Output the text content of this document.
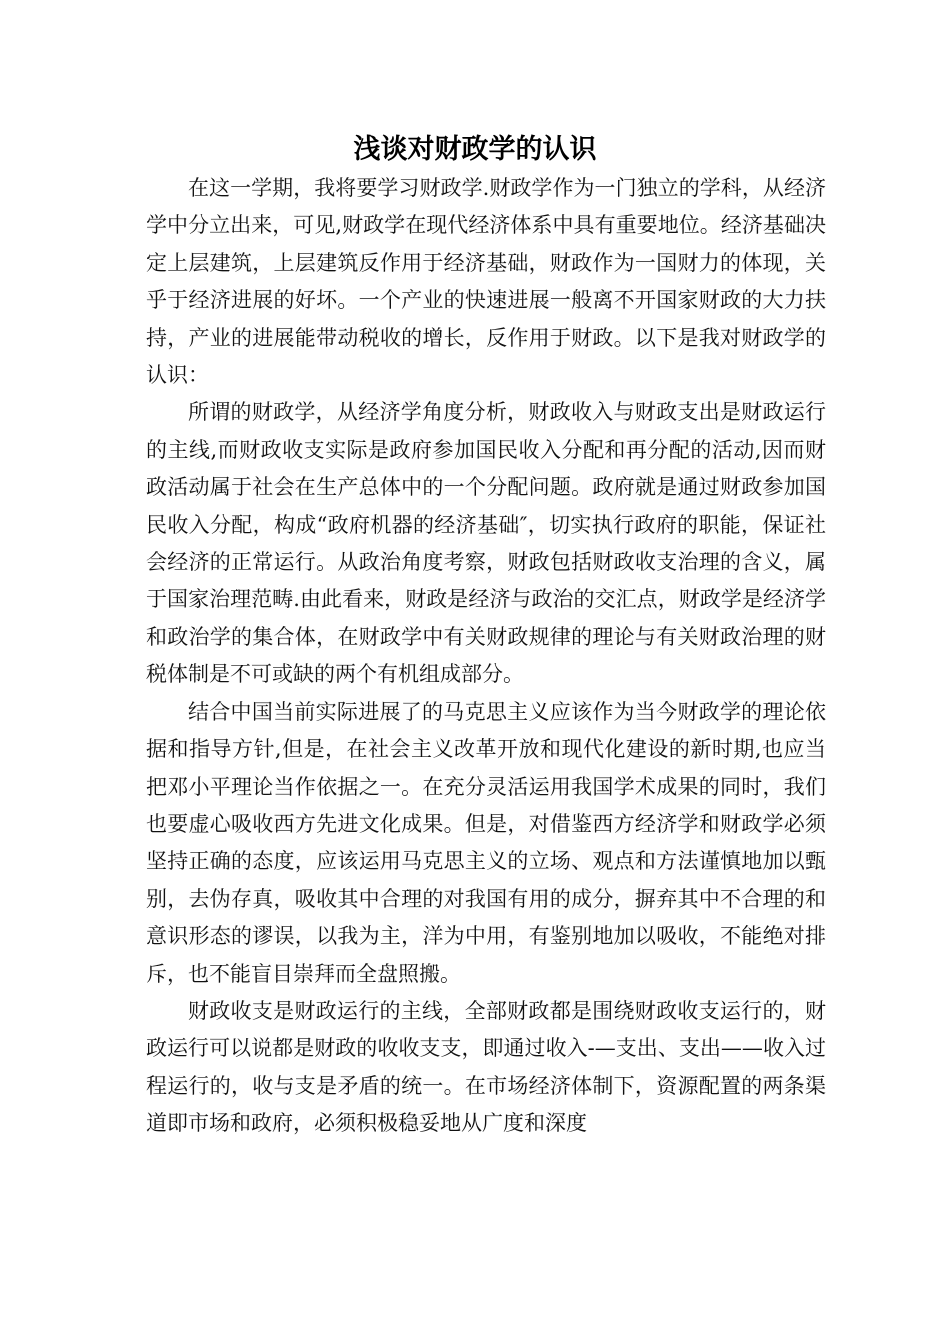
浅谈对财政学的认识

在这一学期，我将要学习财政学.财政学作为一门独立的学科，从经济学中分立出来，可见,财政学在现代经济体系中具有重要地位。经济基础决定上层建筑，上层建筑反作用于经济基础，财政作为一国财力的体现，关乎于经济进展的好坏。一个产业的快速进展一般离不开国家财政的大力扶持，产业的进展能带动税收的增长，反作用于财政。以下是我对财政学的认识：

所谓的财政学，从经济学角度分析，财政收入与财政支出是财政运行的主线,而财政收支实际是政府参加国民收入分配和再分配的活动,因而财政活动属于社会在生产总体中的一个分配问题。政府就是通过财政参加国民收入分配，构成“政府机器的经济基础″，切实执行政府的职能，保证社会经济的正常运行。从政治角度考察，财政包括财政收支治理的含义，属于国家治理范畴.由此看来，财政是经济与政治的交汇点，财政学是经济学和政治学的集合体，在财政学中有关财政规律的理论与有关财政治理的财税体制是不可或缺的两个有机组成部分。

结合中国当前实际进展了的马克思主义应该作为当今财政学的理论依据和指导方针,但是，在社会主义改革开放和现代化建设的新时期,也应当把邓小平理论当作依据之一。在充分灵活运用我国学术成果的同时，我们也要虚心吸收西方先进文化成果。但是，对借鉴西方经济学和财政学必须坚持正确的态度，应该运用马克思主义的立场、观点和方法谨慎地加以甄别，去伪存真，吸收其中合理的对我国有用的成分，摒弃其中不合理的和意识形态的谬误，以我为主，洋为中用，有鉴别地加以吸收，不能绝对排斥，也不能盲目崇拜而全盘照搬。

财政收支是财政运行的主线，全部财政都是围绕财政收支运行的，财政运行可以说都是财政的收收支支，即通过收入-—支出、支出——收入过程运行的，收与支是矛盾的统一。在市场经济体制下，资源配置的两条渠道即市场和政府，必须积极稳妥地从广度和深度
